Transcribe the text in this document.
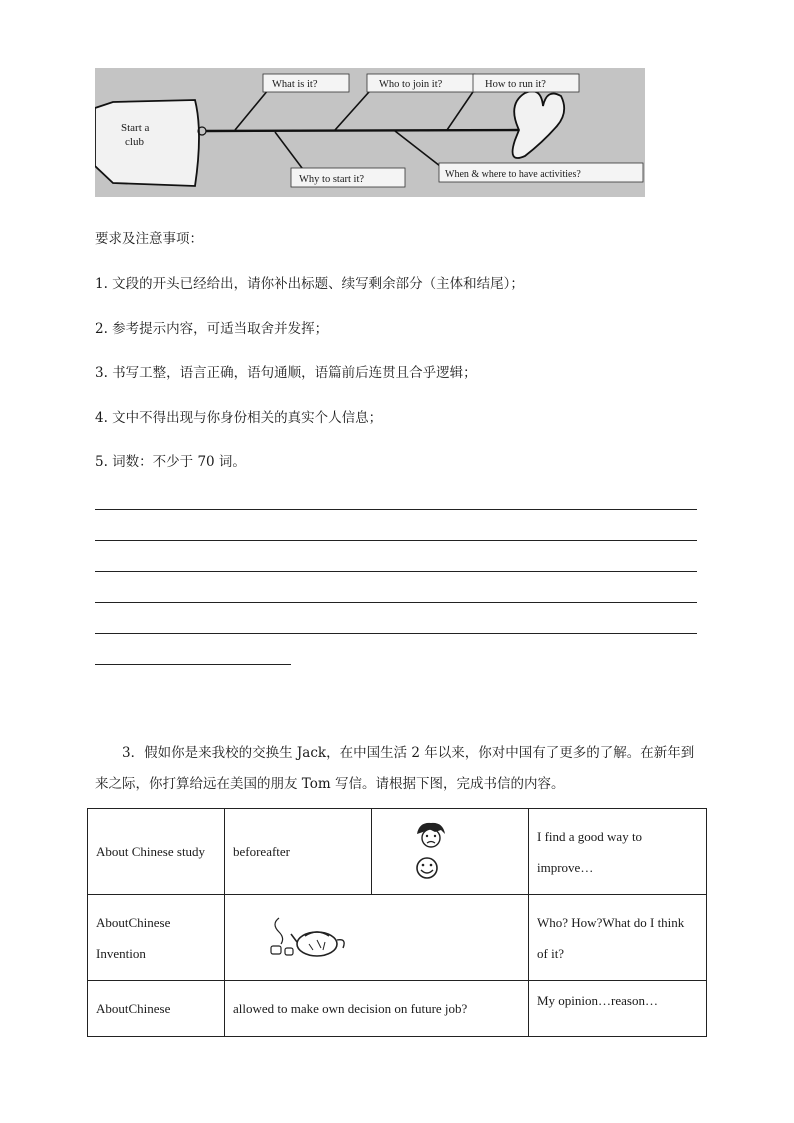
Start a
club
What is it?	Who to join it?	How to run it?
Why to start it?	When & where to have activities?
要求及注意事项：
1. 文段的开头已经给出，请你补出标题、续写剩余部分（主体和结尾）；
2. 参考提示内容，可适当取舍并发挥；
3. 书写工整，语言正确，语句通顺，语篇前后连贯且合乎逻辑；
4. 文中不得出现与你身份相关的真实个人信息；
5. 词数：不少于 70 词。
3．假如你是来我校的交换生 Jack，在中国生活 2 年以来，你对中国有了更多的了解。在新年到来之际，你打算给远在美国的朋友 Tom 写信。请根据下图，完成书信的内容。
About Chinese study	beforeafter		I find a good way to improve…
AboutChinese Invention			Who? How?What do I think of it?
AboutChinese	allowed to make own decision on future job?		My opinion…reason…
